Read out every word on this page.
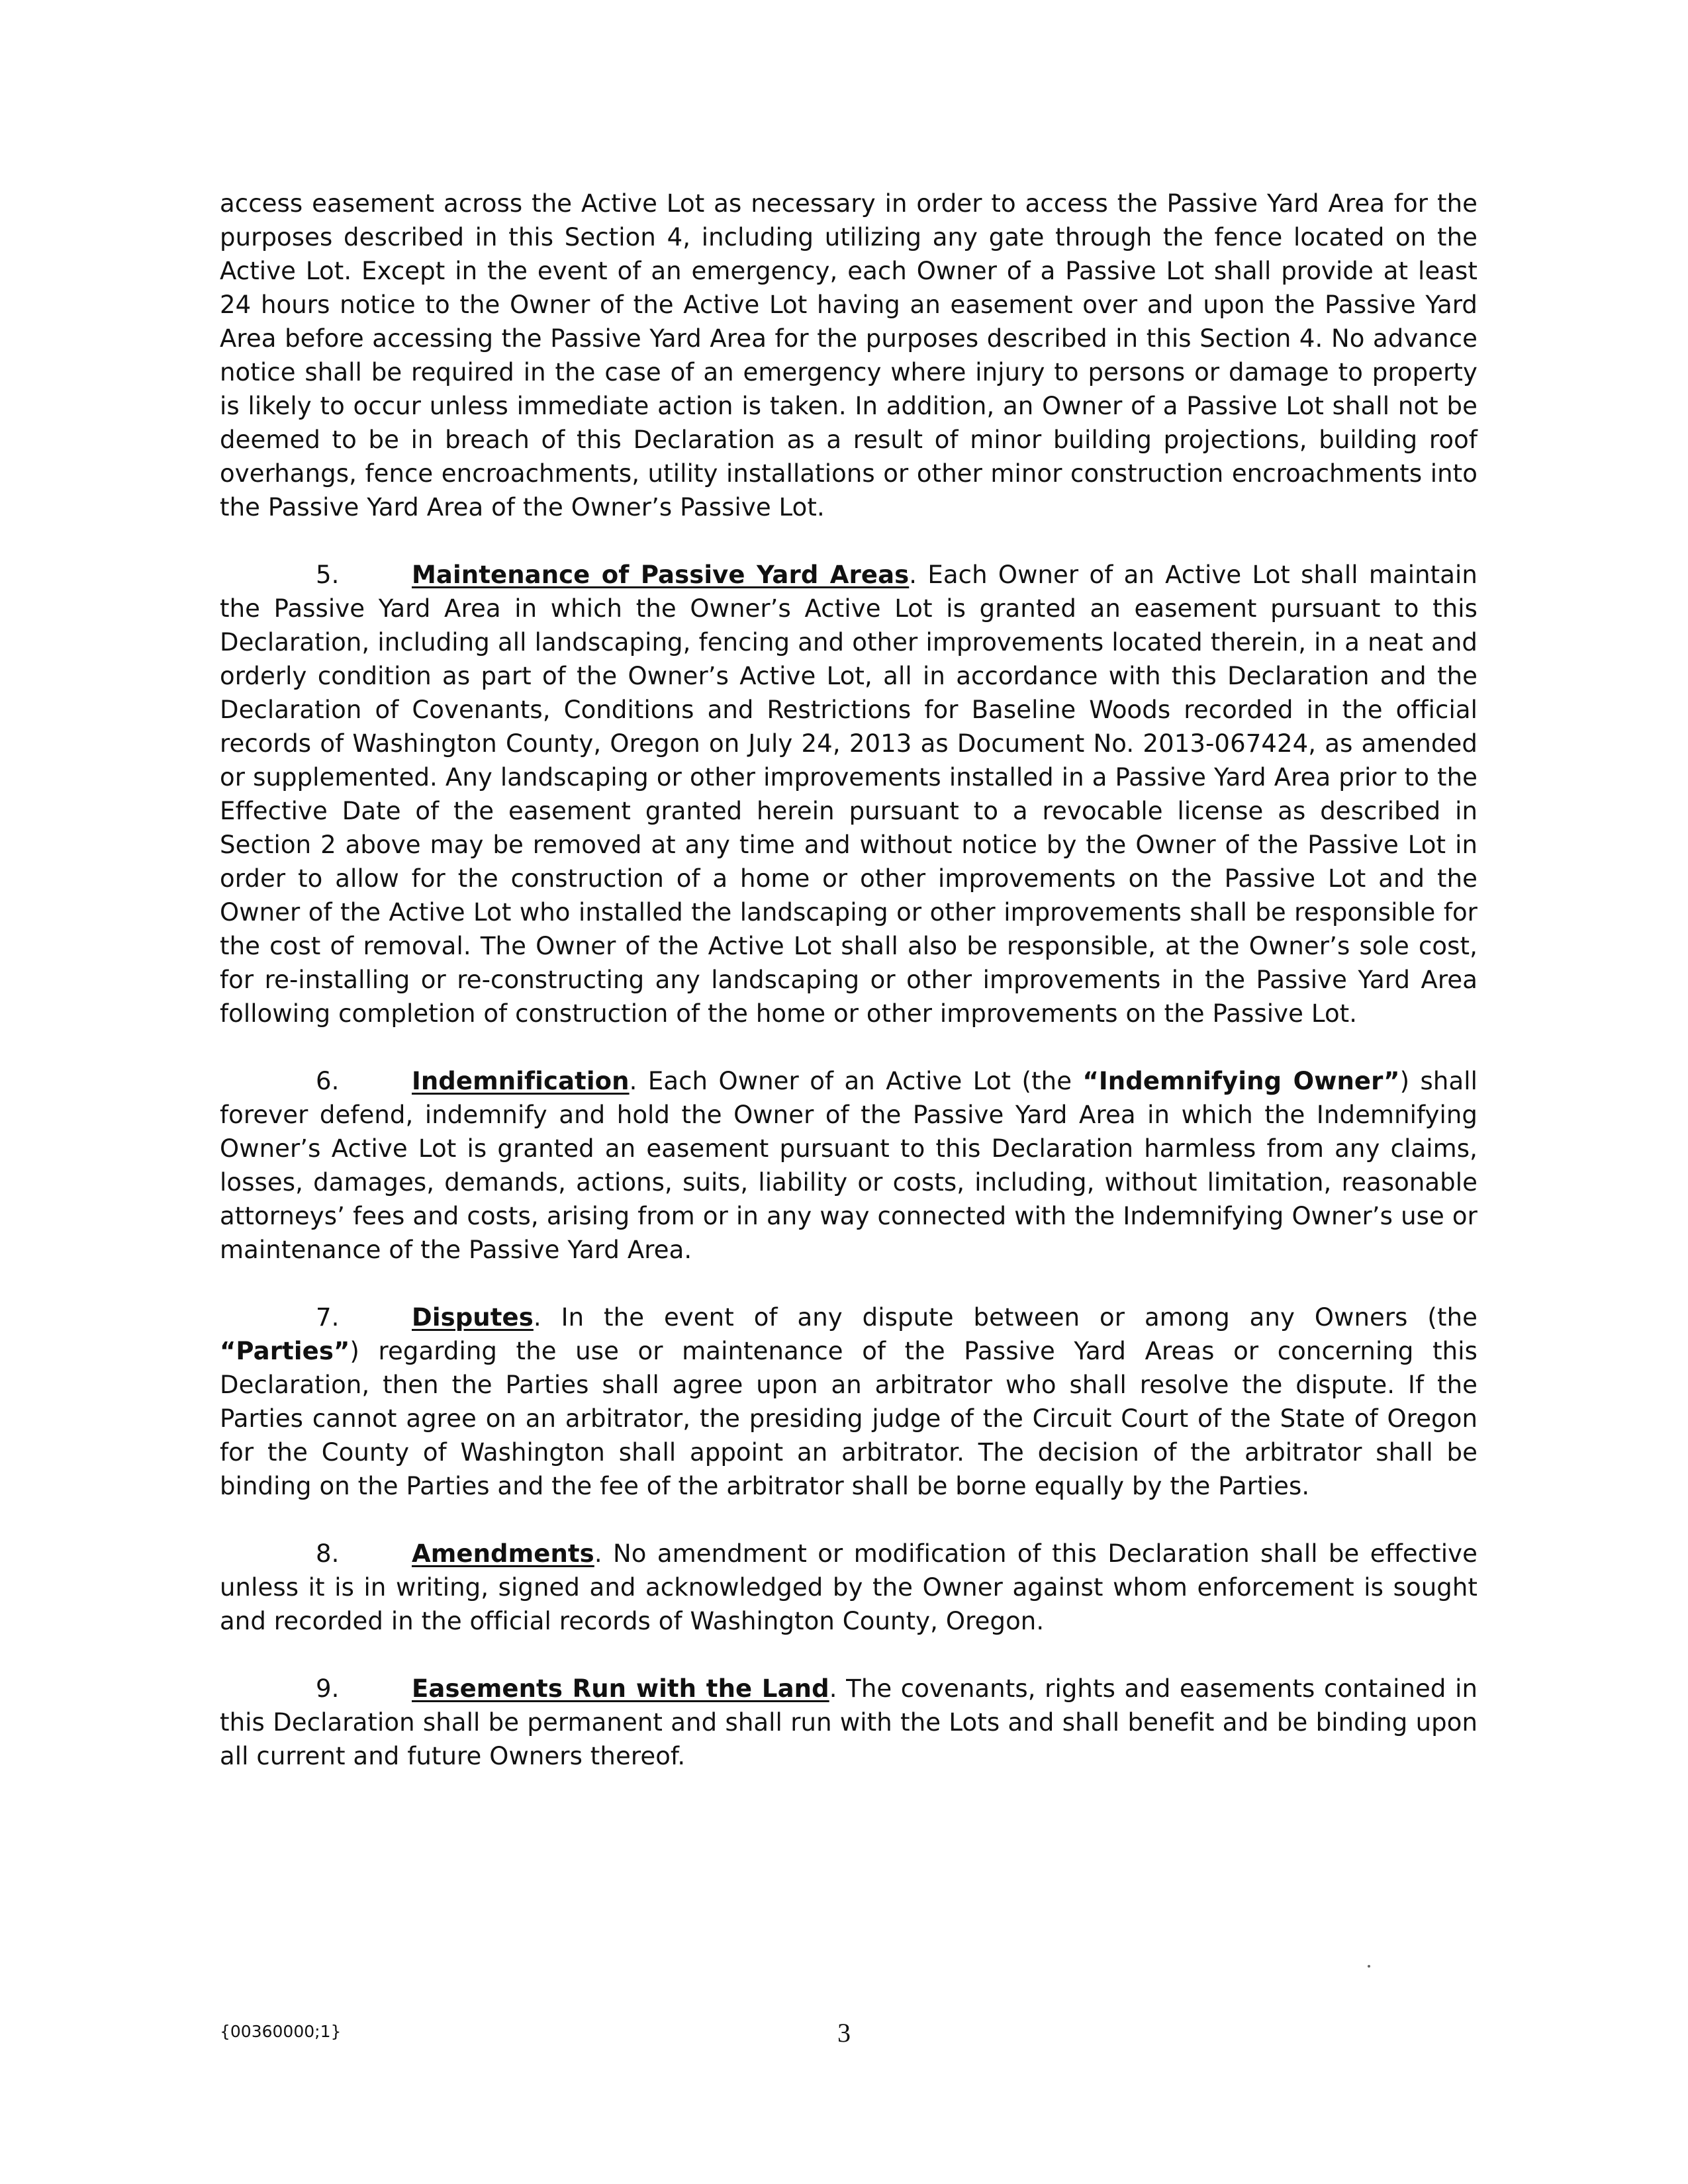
access easement across the Active Lot as necessary in order to access the Passive Yard Area for the purposes described in this Section 4, including utilizing any gate through the fence located on the Active Lot. Except in the event of an emergency, each Owner of a Passive Lot shall provide at least 24 hours notice to the Owner of the Active Lot having an easement over and upon the Passive Yard Area before accessing the Passive Yard Area for the purposes described in this Section 4. No advance notice shall be required in the case of an emergency where injury to persons or damage to property is likely to occur unless immediate action is taken. In addition, an Owner of a Passive Lot shall not be deemed to be in breach of this Declaration as a result of minor building projections, building roof overhangs, fence encroachments, utility installations or other minor construction encroachments into the Passive Yard Area of the Owner’s Passive Lot.

5.	Maintenance of Passive Yard Areas. Each Owner of an Active Lot shall maintain the Passive Yard Area in which the Owner’s Active Lot is granted an easement pursuant to this Declaration, including all landscaping, fencing and other improvements located therein, in a neat and orderly condition as part of the Owner’s Active Lot, all in accordance with this Declaration and the Declaration of Covenants, Conditions and Restrictions for Baseline Woods recorded in the official records of Washington County, Oregon on July 24, 2013 as Document No. 2013-067424, as amended or supplemented. Any landscaping or other improvements installed in a Passive Yard Area prior to the Effective Date of the easement granted herein pursuant to a revocable license as described in Section 2 above may be removed at any time and without notice by the Owner of the Passive Lot in order to allow for the construction of a home or other improvements on the Passive Lot and the Owner of the Active Lot who installed the landscaping or other improvements shall be responsible for the cost of removal. The Owner of the Active Lot shall also be responsible, at the Owner’s sole cost, for re-installing or re-constructing any landscaping or other improvements in the Passive Yard Area following completion of construction of the home or other improvements on the Passive Lot.

6.	Indemnification. Each Owner of an Active Lot (the “Indemnifying Owner”) shall forever defend, indemnify and hold the Owner of the Passive Yard Area in which the Indemnifying Owner’s Active Lot is granted an easement pursuant to this Declaration harmless from any claims, losses, damages, demands, actions, suits, liability or costs, including, without limitation, reasonable attorneys’ fees and costs, arising from or in any way connected with the Indemnifying Owner’s use or maintenance of the Passive Yard Area.

7.	Disputes. In the event of any dispute between or among any Owners (the “Parties”) regarding the use or maintenance of the Passive Yard Areas or concerning this Declaration, then the Parties shall agree upon an arbitrator who shall resolve the dispute. If the Parties cannot agree on an arbitrator, the presiding judge of the Circuit Court of the State of Oregon for the County of Washington shall appoint an arbitrator. The decision of the arbitrator shall be binding on the Parties and the fee of the arbitrator shall be borne equally by the Parties.

8.	Amendments. No amendment or modification of this Declaration shall be effective unless it is in writing, signed and acknowledged by the Owner against whom enforcement is sought and recorded in the official records of Washington County, Oregon.

9.	Easements Run with the Land. The covenants, rights and easements contained in this Declaration shall be permanent and shall run with the Lots and shall benefit and be binding upon all current and future Owners thereof.

{00360000;1}	3
